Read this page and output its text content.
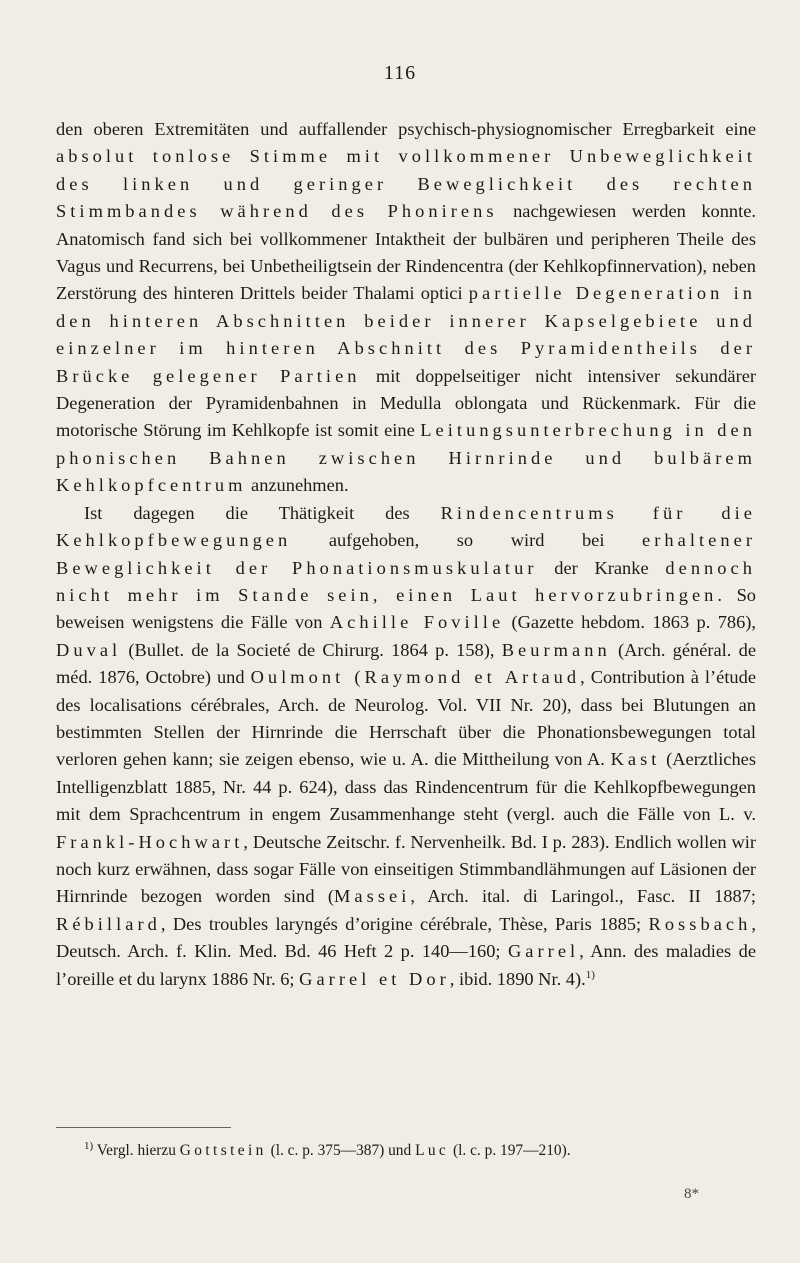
116

den oberen Extremitäten und auffallender psychisch-physiognomischer Erregbarkeit eine absolut tonlose Stimme mit vollkommener Unbeweglichkeit des linken und geringer Beweglichkeit des rechten Stimmbandes während des Phonirens nachgewiesen werden konnte. Anatomisch fand sich bei vollkommener Intaktheit der bulbären und peripheren Theile des Vagus und Recurrens, bei Unbetheiligtsein der Rindencentra (der Kehlkopfinnervation), neben Zerstörung des hinteren Drittels beider Thalami optici partielle Degeneration in den hinteren Abschnitten beider innerer Kapselgebiete und einzelner im hinteren Abschnitt des Pyramidentheils der Brücke gelegener Partien mit doppelseitiger nicht intensiver sekundärer Degeneration der Pyramidenbahnen in Medulla oblongata und Rückenmark. Für die motorische Störung im Kehlkopfe ist somit eine Leitungsunterbrechung in den phonischen Bahnen zwischen Hirnrinde und bulbärem Kehlkopfcentrum anzunehmen.

Ist dagegen die Thätigkeit des Rindencentrums für die Kehlkopfbewegungen aufgehoben, so wird bei erhaltener Beweglichkeit der Phonationsmuskulatur der Kranke dennoch nicht mehr im Stande sein, einen Laut hervorzubringen. So beweisen wenigstens die Fälle von Achille Foville (Gazette hebdom. 1863 p. 786), Duval (Bullet. de la Societé de Chirurg. 1864 p. 158), Beurmann (Arch. général. de méd. 1876, Octobre) und Oulmont (Raymond et Artaud, Contribution à l’étude des localisations cérébrales, Arch. de Neurolog. Vol. VII Nr. 20), dass bei Blutungen an bestimmten Stellen der Hirnrinde die Herrschaft über die Phonationsbewegungen total verloren gehen kann; sie zeigen ebenso, wie u. A. die Mittheilung von A. Kast (Aerztliches Intelligenzblatt 1885, Nr. 44 p. 624), dass das Rindencentrum für die Kehlkopfbewegungen mit dem Sprachcentrum in engem Zusammenhange steht (vergl. auch die Fälle von L. v. Frankl-Hochwart, Deutsche Zeitschr. f. Nervenheilk. Bd. I p. 283). Endlich wollen wir noch kurz erwähnen, dass sogar Fälle von einseitigen Stimmbandlähmungen auf Läsionen der Hirnrinde bezogen worden sind (Massei, Arch. ital. di Laringol., Fasc. II 1887; Rébillard, Des troubles laryngés d’origine cérébrale, Thèse, Paris 1885; Rossbach, Deutsch. Arch. f. Klin. Med. Bd. 46 Heft 2 p. 140—160; Garrel, Ann. des maladies de l’oreille et du larynx 1886 Nr. 6; Garrel et Dor, ibid. 1890 Nr. 4).$^{1)}$

$^{1)}$ Vergl. hierzu Gottstein (l. c. p. 375—387) und Luc (l. c. p. 197—210).

8*
